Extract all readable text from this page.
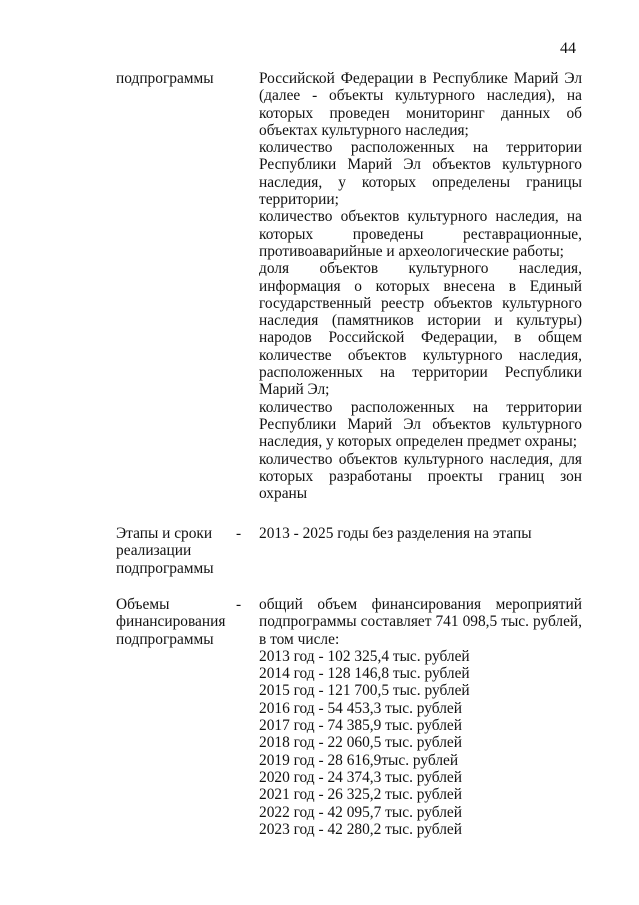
44
подпрограммы	Российской Федерации в Республике Марий Эл (далее - объекты культурного наследия), на которых проведен мониторинг данных об объектах культурного наследия;
количество расположенных на территории Республики Марий Эл объектов культурного наследия, у которых определены границы территории;
количество объектов культурного наследия, на которых проведены реставрационные, противоаварийные и археологические работы;
доля объектов культурного наследия, информация о которых внесена в Единый государственный реестр объектов культурного наследия (памятников истории и культуры) народов Российской Федерации, в общем количестве объектов культурного наследия, расположенных на территории Республики Марий Эл;
количество расположенных на территории Республики Марий Эл объектов культурного наследия, у которых определен предмет охраны;
количество объектов культурного наследия, для которых разработаны проекты границ зон охраны
Этапы и сроки реализации подпрограммы
- 2013 - 2025 годы без разделения на этапы
Объемы финансирования подпрограммы
- общий объем финансирования мероприятий подпрограммы составляет 741 098,5 тыс. рублей, в том числе:
2013 год - 102 325,4 тыс. рублей
2014 год - 128 146,8 тыс. рублей
2015 год - 121 700,5 тыс. рублей
2016 год - 54 453,3 тыс. рублей
2017 год - 74 385,9 тыс. рублей
2018 год - 22 060,5 тыс. рублей
2019 год - 28 616,9тыс. рублей
2020 год - 24 374,3 тыс. рублей
2021 год - 26 325,2 тыс. рублей
2022 год - 42 095,7 тыс. рублей
2023 год - 42 280,2 тыс. рублей
